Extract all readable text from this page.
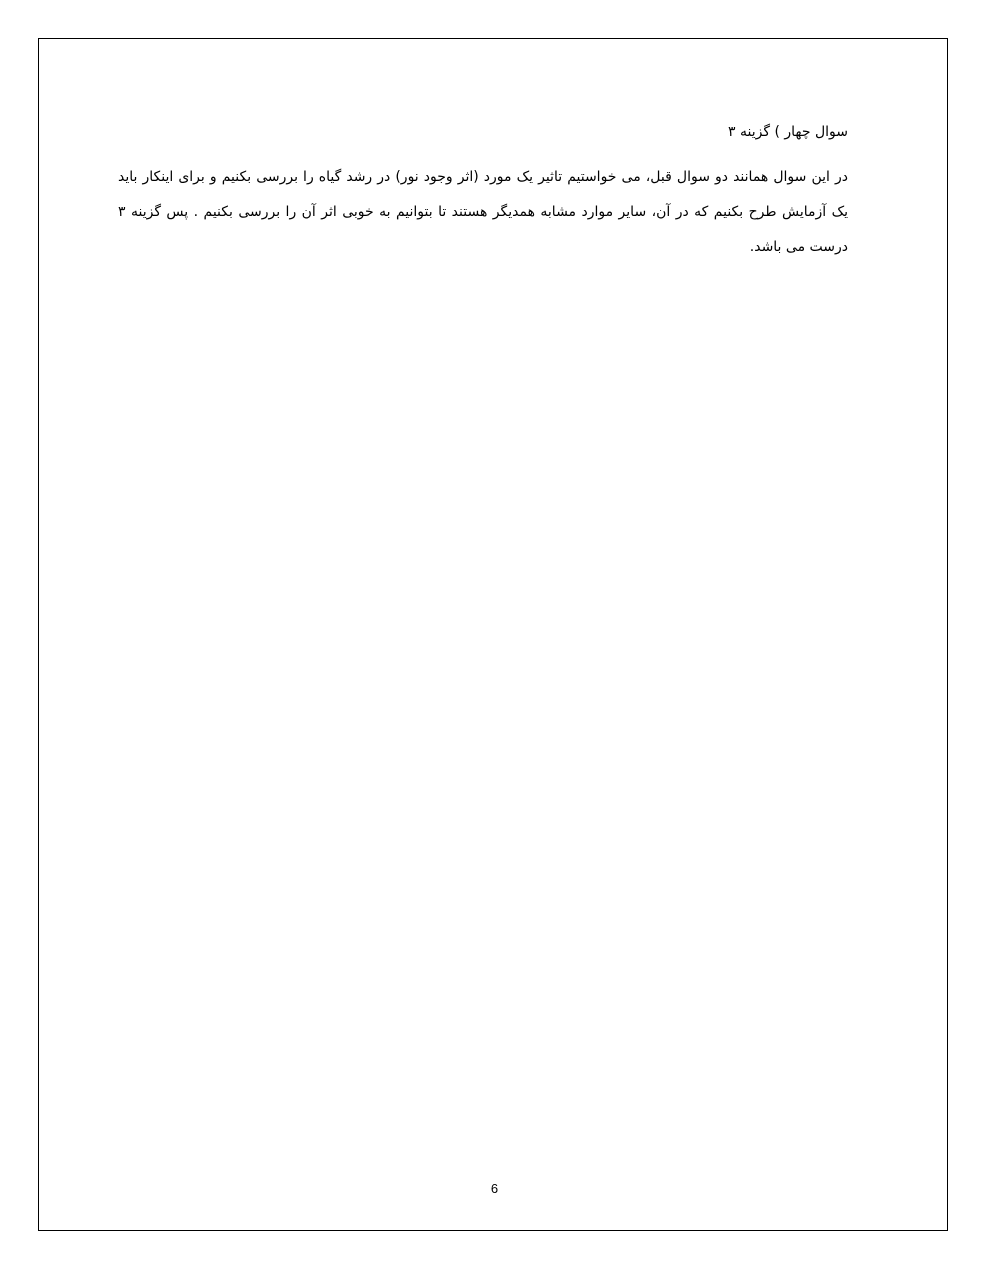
سوال چهار ) گزینه ۳

در این سوال همانند دو سوال قبل، می خواستیم تاثیر یک مورد (اثر وجود نور) در رشد گیاه را بررسی بکنیم و برای اینکار باید یک آزمایش طرح بکنیم که در آن، سایر موارد مشابه همدیگر هستند تا بتوانیم به خوبی اثر آن را بررسی بکنیم . پس گزینه ۳ درست می باشد.

6
